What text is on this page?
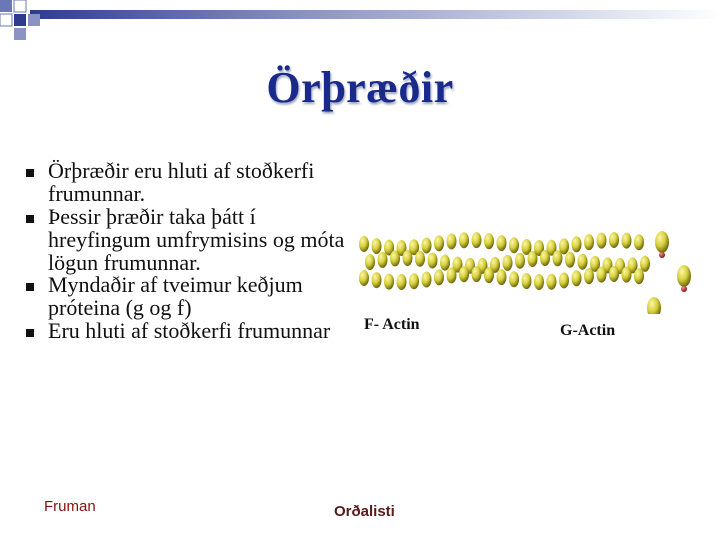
Örþræðir
Örþræðir eru hluti af stoðkerfi frumunnar.
Þessir þræðir taka þátt í hreyfingum umfrymisins og móta lögun frumunnar.
Myndaðir af tveimur keðjum próteina (g og f)
Eru hluti af stoðkerfi frumunnar	F- Actin	G-Actin
Fruman	Orðalisti
